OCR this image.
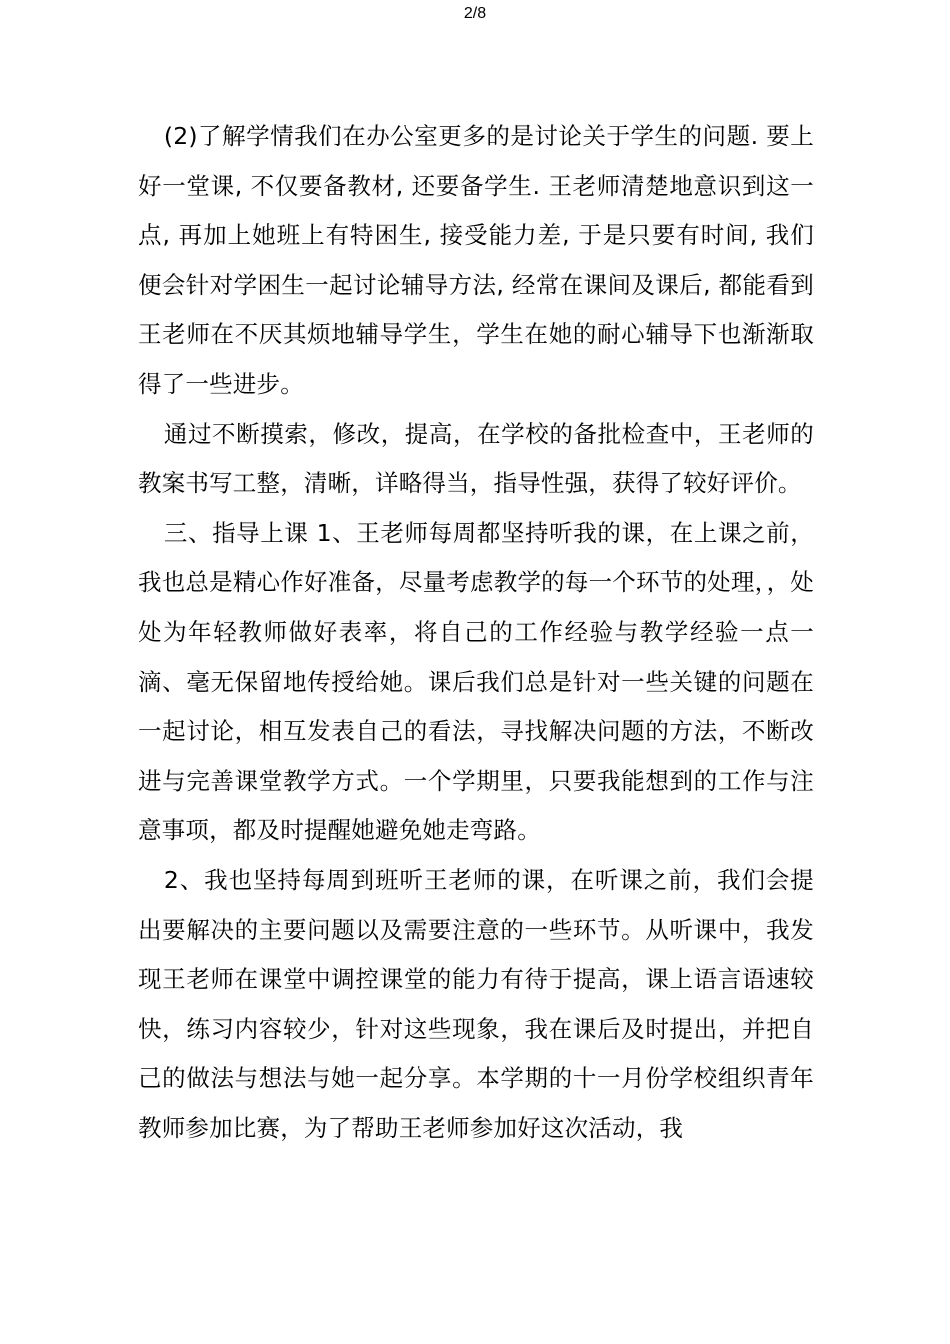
2/8

(2)了解学情我们在办公室更多的是讨论关于学生的问题. 要上好一堂课, 不仅要备教材, 还要备学生. 王老师清楚地意识到这一点, 再加上她班上有特困生, 接受能力差, 于是只要有时间, 我们便会针对学困生一起讨论辅导方法, 经常在课间及课后, 都能看到王老师在不厌其烦地辅导学生，学生在她的耐心辅导下也渐渐取得了一些进步。

通过不断摸索，修改，提高，在学校的备批检查中，王老师的教案书写工整，清晰，详略得当，指导性强，获得了较好评价。

三、指导上课 1、王老师每周都坚持听我的课，在上课之前，我也总是精心作好准备，尽量考虑教学的每一个环节的处理，，处处为年轻教师做好表率，将自己的工作经验与教学经验一点一滴、毫无保留地传授给她。课后我们总是针对一些关键的问题在一起讨论，相互发表自己的看法，寻找解决问题的方法，不断改进与完善课堂教学方式。一个学期里，只要我能想到的工作与注意事项，都及时提醒她避免她走弯路。

2、我也坚持每周到班听王老师的课，在听课之前，我们会提出要解决的主要问题以及需要注意的一些环节。从听课中，我发现王老师在课堂中调控课堂的能力有待于提高，课上语言语速较快，练习内容较少，针对这些现象，我在课后及时提出，并把自己的做法与想法与她一起分享。本学期的十一月份学校组织青年教师参加比赛，为了帮助王老师参加好这次活动，我
